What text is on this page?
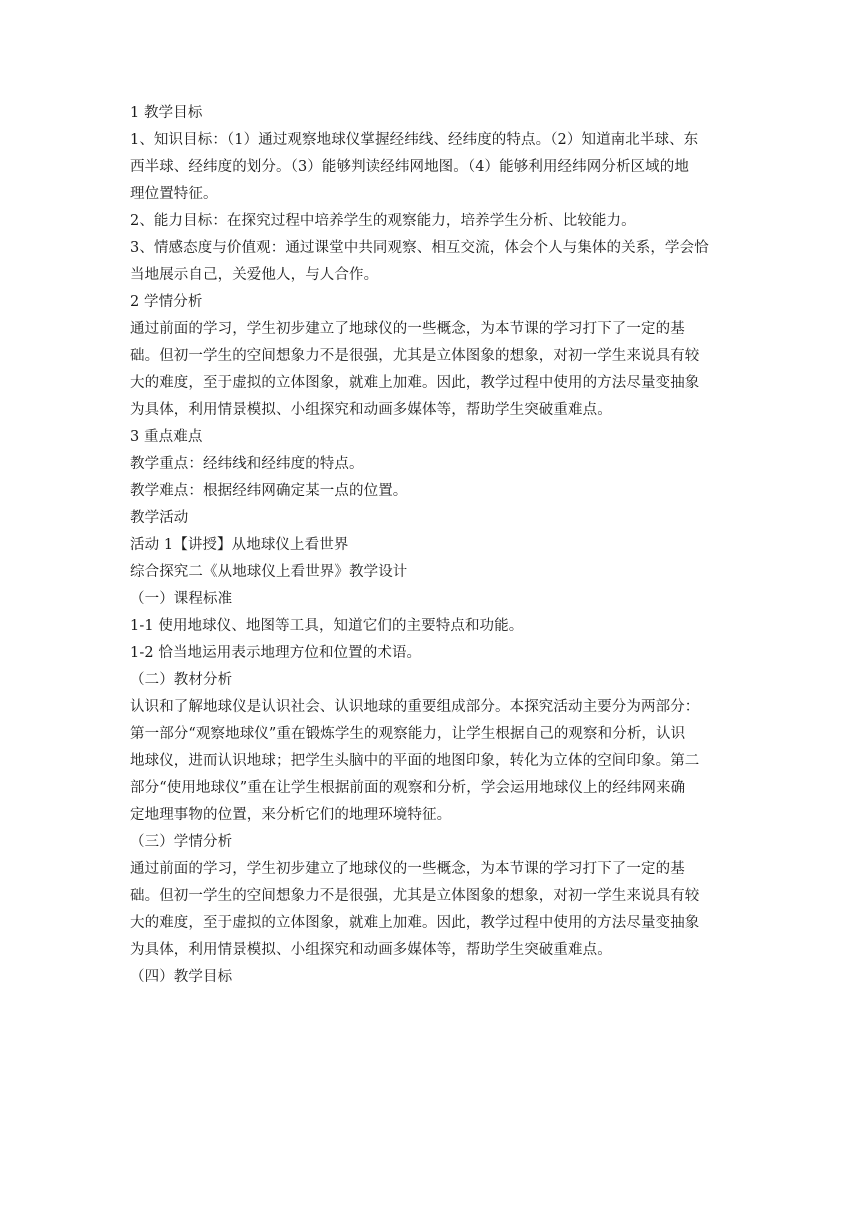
1 教学目标
1、知识目标：（1）通过观察地球仪掌握经纬线、经纬度的特点。（2）知道南北半球、东
西半球、经纬度的划分。（3）能够判读经纬网地图。（4）能够利用经纬网分析区域的地
理位置特征。
2、能力目标：在探究过程中培养学生的观察能力，培养学生分析、比较能力。
3、情感态度与价值观：通过课堂中共同观察、相互交流，体会个人与集体的关系，学会恰
当地展示自己，关爱他人，与人合作。
2 学情分析
通过前面的学习，学生初步建立了地球仪的一些概念，为本节课的学习打下了一定的基
础。但初一学生的空间想象力不是很强，尤其是立体图象的想象，对初一学生来说具有较
大的难度，至于虚拟的立体图象，就难上加难。因此，教学过程中使用的方法尽量变抽象
为具体，利用情景模拟、小组探究和动画多媒体等，帮助学生突破重难点。
3 重点难点
教学重点：经纬线和经纬度的特点。
教学难点：根据经纬网确定某一点的位置。
教学活动
活动 1【讲授】从地球仪上看世界
综合探究二《从地球仪上看世界》教学设计
（一）课程标准
1-1 使用地球仪、地图等工具，知道它们的主要特点和功能。
1-2 恰当地运用表示地理方位和位置的术语。
（二）教材分析
认识和了解地球仪是认识社会、认识地球的重要组成部分。本探究活动主要分为两部分：
第一部分“观察地球仪”重在锻炼学生的观察能力，让学生根据自己的观察和分析，认识
地球仪，进而认识地球；把学生头脑中的平面的地图印象，转化为立体的空间印象。第二
部分“使用地球仪”重在让学生根据前面的观察和分析，学会运用地球仪上的经纬网来确
定地理事物的位置，来分析它们的地理环境特征。
（三）学情分析
通过前面的学习，学生初步建立了地球仪的一些概念，为本节课的学习打下了一定的基
础。但初一学生的空间想象力不是很强，尤其是立体图象的想象，对初一学生来说具有较
大的难度，至于虚拟的立体图象，就难上加难。因此，教学过程中使用的方法尽量变抽象
为具体，利用情景模拟、小组探究和动画多媒体等，帮助学生突破重难点。
（四）教学目标
